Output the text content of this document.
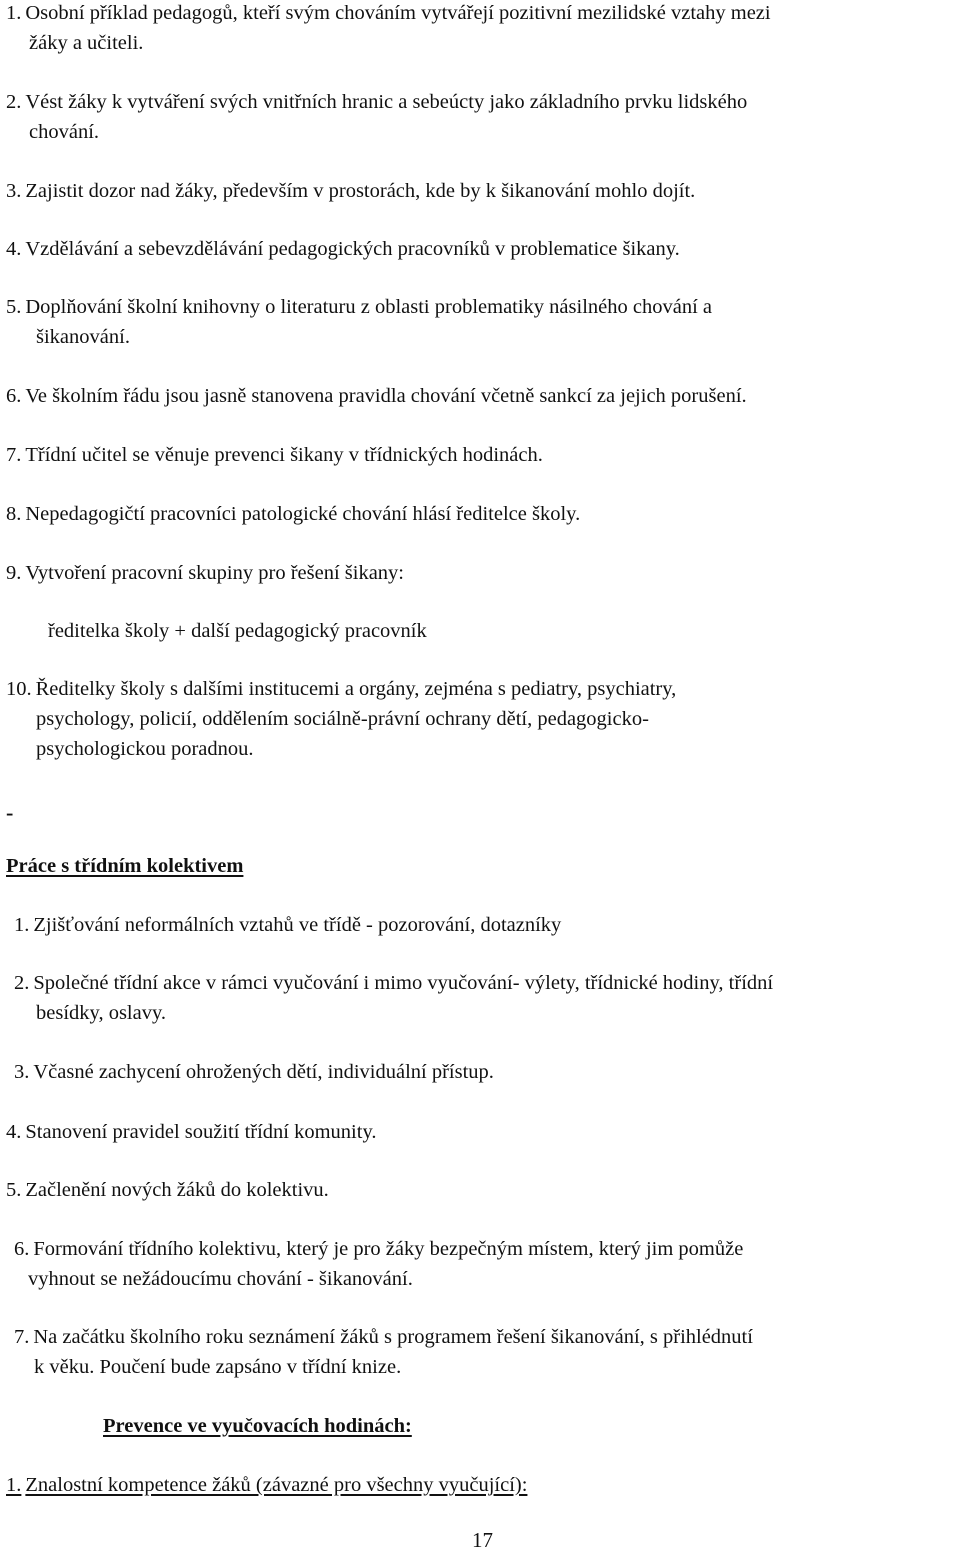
1. Osobní příklad pedagogů, kteří svým chováním vytvářejí pozitivní mezilidské vztahy mezi

žáky a učiteli.

2. Vést žáky k vytváření svých vnitřních hranic a sebeúcty jako základního prvku lidského

chování.

3. Zajistit dozor nad žáky, především v prostorách, kde by k šikanování mohlo dojít.

4. Vzdělávání a sebevzdělávání pedagogických pracovníků v problematice šikany.

5. Doplňování školní knihovny o literaturu z oblasti problematiky násilného chování a

šikanování.

6. Ve školním řádu jsou jasně stanovena pravidla chování včetně sankcí za jejich porušení.

7. Třídní učitel se věnuje prevenci šikany v třídnických hodinách.

8. Nepedagogičtí pracovníci patologické chování hlásí ředitelce školy.

9. Vytvoření pracovní skupiny pro řešení šikany:

ředitelka školy + další pedagogický pracovník

10. Ředitelky školy s dalšími institucemi a orgány, zejména s pediatry, psychiatry,

psychology, policií, oddělením sociálně-právní ochrany dětí, pedagogicko-

psychologickou poradnou.

-

Práce s třídním kolektivem

1. Zjišťování neformálních vztahů ve třídě - pozorování, dotazníky

2. Společné třídní akce v rámci vyučování i mimo vyučování- výlety, třídnické hodiny, třídní

besídky, oslavy.

3. Včasné zachycení ohrožených dětí, individuální přístup.

4. Stanovení pravidel soužití třídní komunity.

5. Začlenění nových žáků do kolektivu.

6. Formování třídního kolektivu, který je pro žáky bezpečným místem, který jim pomůže

vyhnout se nežádoucímu chování - šikanování.

7. Na začátku školního roku seznámení žáků s programem řešení šikanování, s přihlédnutí

k věku. Poučení bude zapsáno v třídní knize.

Prevence ve vyučovacích hodinách:

1. Znalostní kompetence žáků (závazné pro všechny vyučující):

17
